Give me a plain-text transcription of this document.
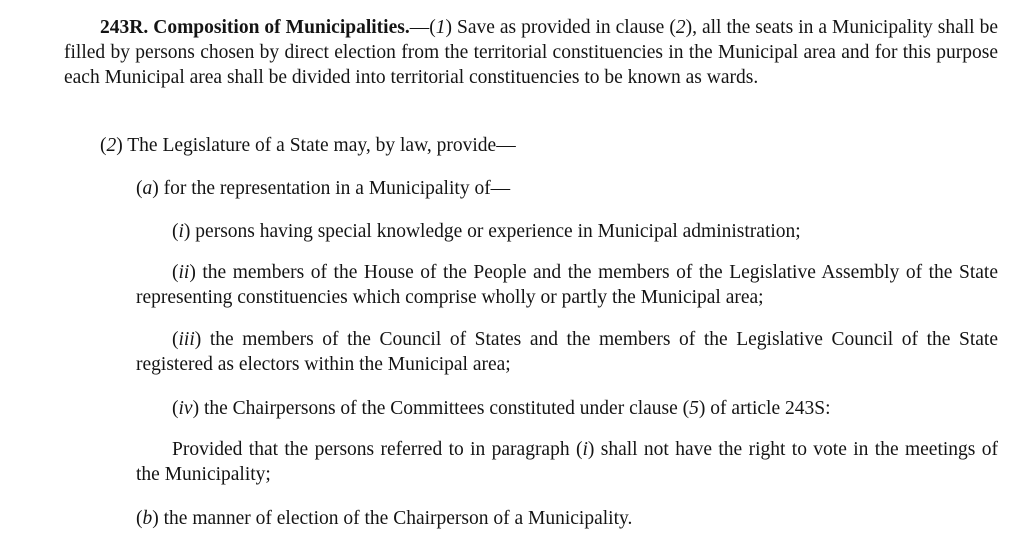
243R. Composition of Municipalities.—(1) Save as provided in clause (2), all the seats in a Municipality shall be filled by persons chosen by direct election from the territorial constituencies in the Municipal area and for this purpose each Municipal area shall be divided into territorial constituencies to be known as wards.

(2) The Legislature of a State may, by law, provide—

(a) for the representation in a Municipality of—

(i) persons having special knowledge or experience in Municipal administration;

(ii) the members of the House of the People and the members of the Legislative Assembly of the State representing constituencies which comprise wholly or partly the Municipal area;

(iii) the members of the Council of States and the members of the Legislative Council of the State registered as electors within the Municipal area;

(iv) the Chairpersons of the Committees constituted under clause (5) of article 243S:

Provided that the persons referred to in paragraph (i) shall not have the right to vote in the meetings of the Municipality;

(b) the manner of election of the Chairperson of a Municipality.
